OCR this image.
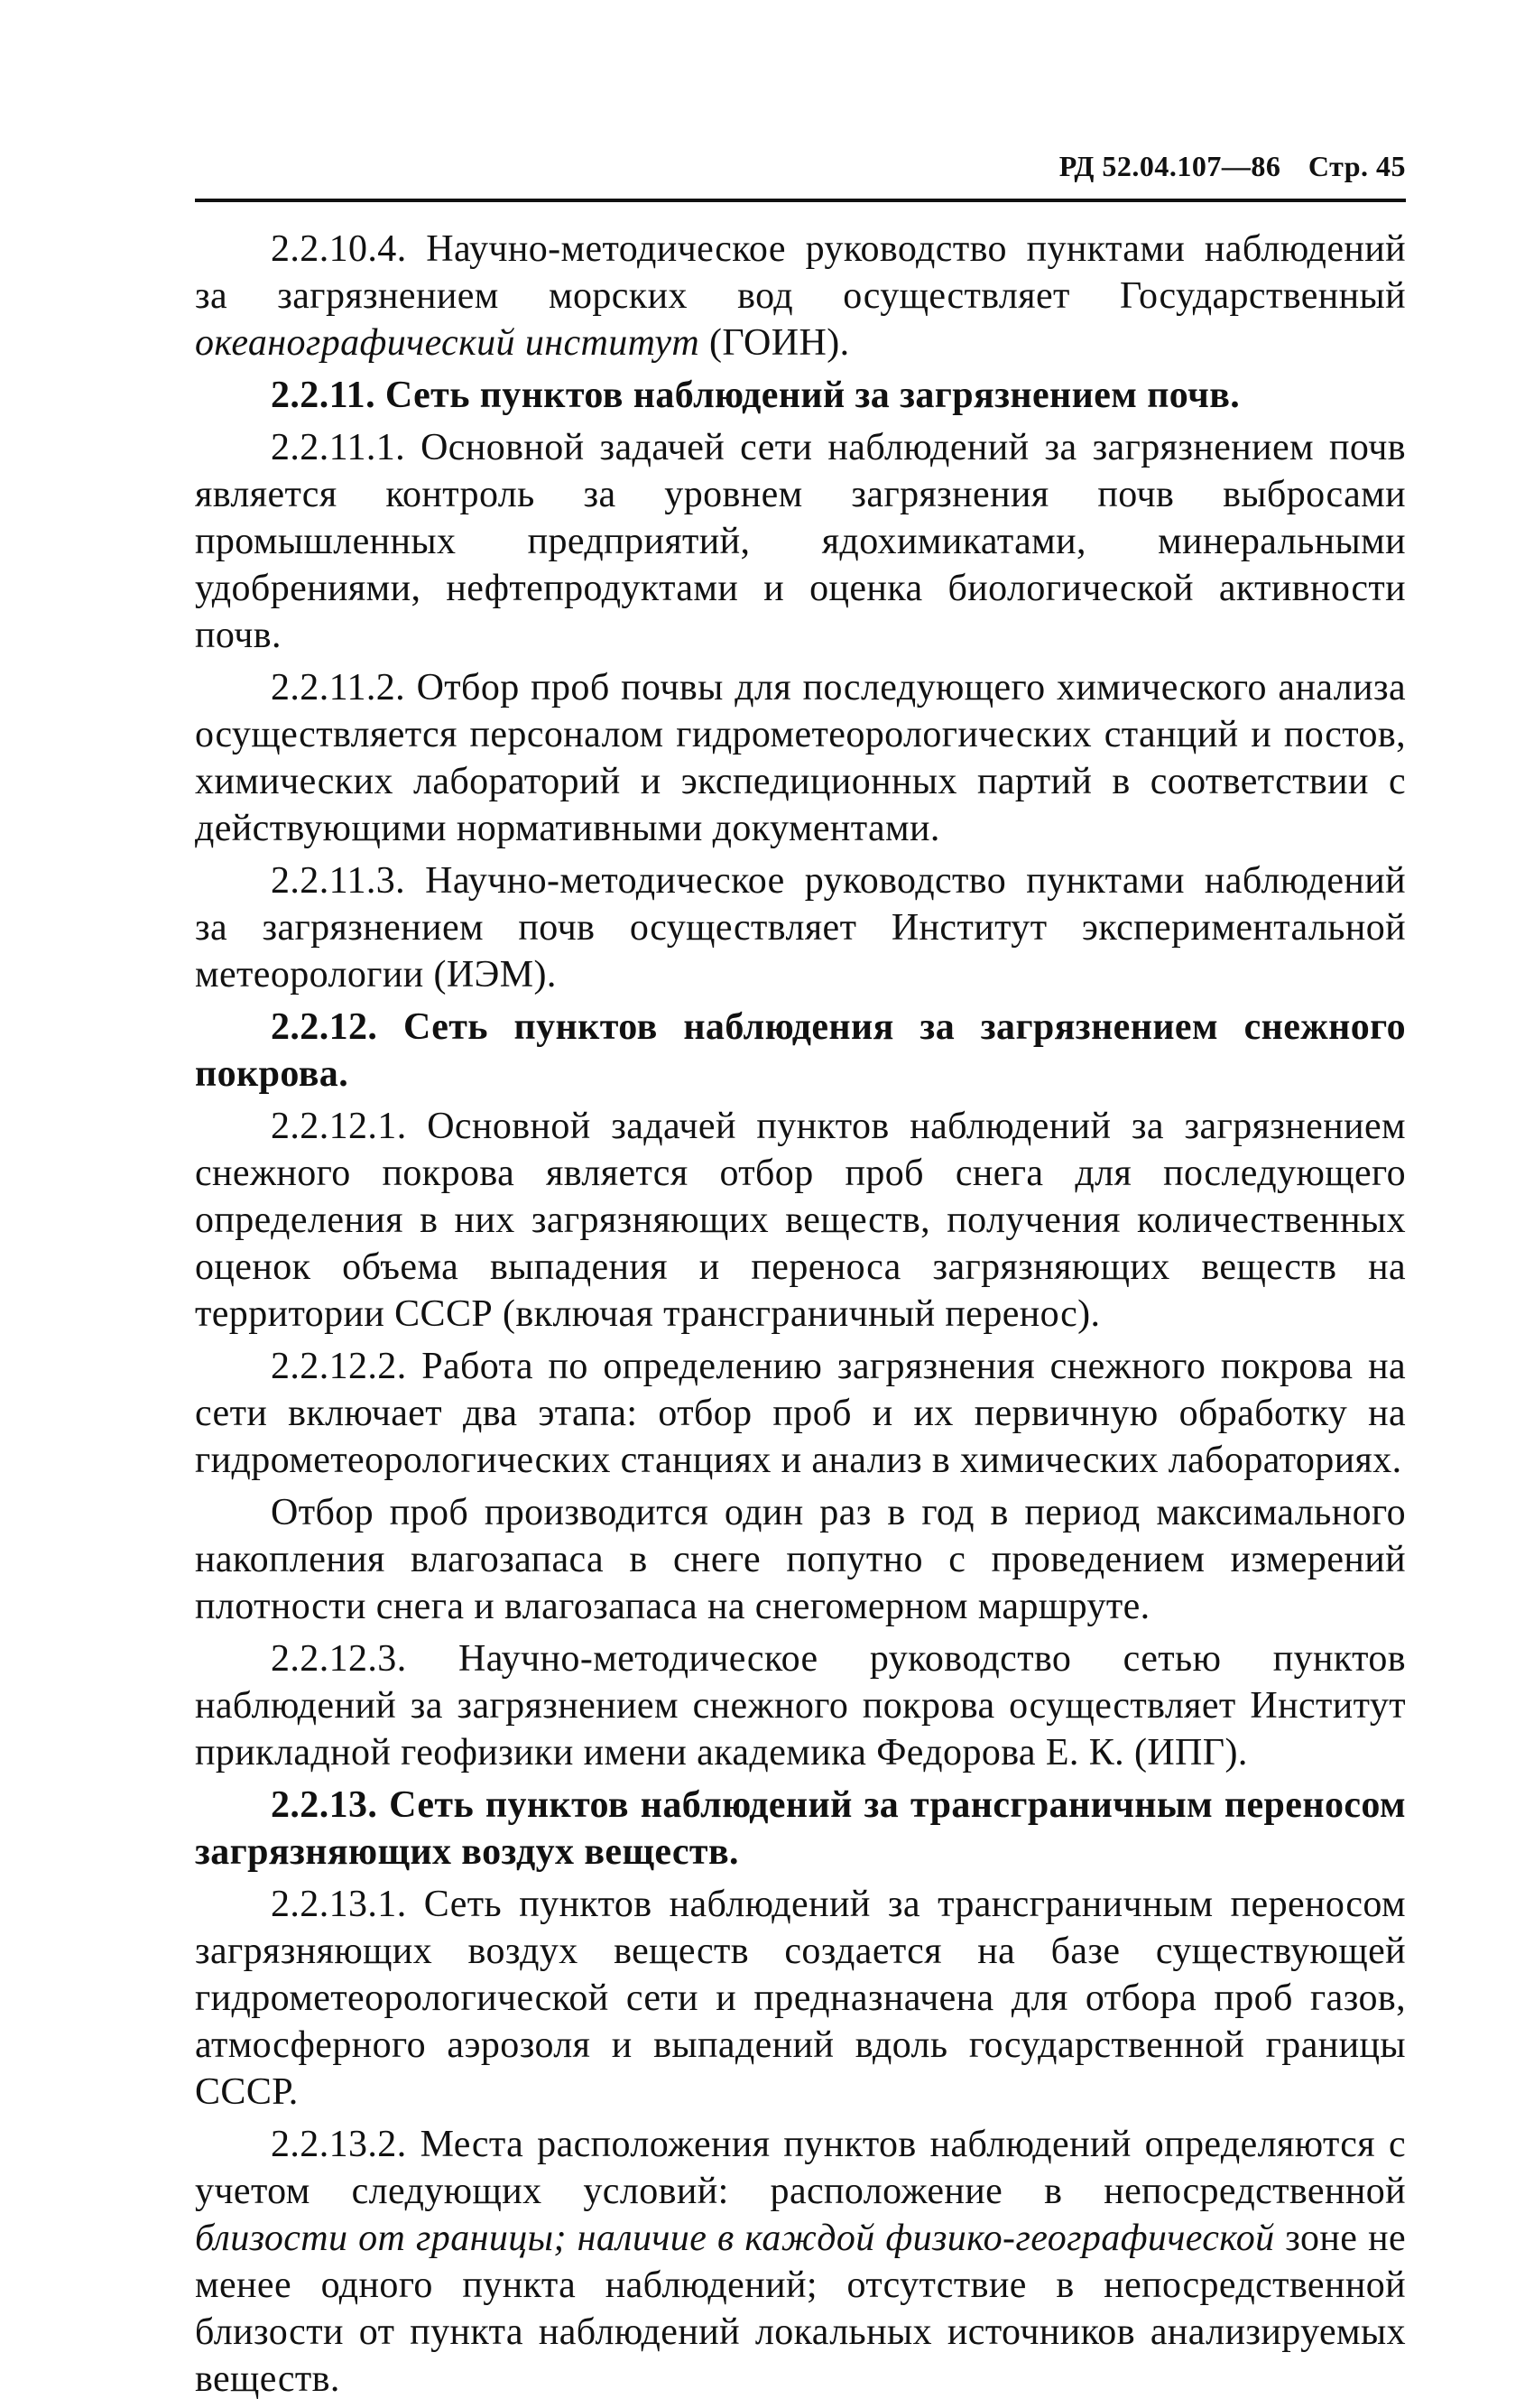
РД 52.04.107—86 Стр. 45

2.2.10.4. Научно-методическое руководство пунктами наблюдений за загрязнением морских вод осуществляет Государственный океанографический институт (ГОИН).

2.2.11. Сеть пунктов наблюдений за загрязнением почв.

2.2.11.1. Основной задачей сети наблюдений за загрязнением почв является контроль за уровнем загрязнения почв выбросами промышленных предприятий, ядохимикатами, минеральными удобрениями, нефтепродуктами и оценка биологической активности почв.

2.2.11.2. Отбор проб почвы для последующего химического анализа осуществляется персоналом гидрометеорологических станций и постов, химических лабораторий и экспедиционных партий в соответствии с действующими нормативными документами.

2.2.11.3. Научно-методическое руководство пунктами наблюдений за загрязнением почв осуществляет Институт экспериментальной метеорологии (ИЭМ).

2.2.12. Сеть пунктов наблюдения за загрязнением снежного покрова.

2.2.12.1. Основной задачей пунктов наблюдений за загрязнением снежного покрова является отбор проб снега для последующего определения в них загрязняющих веществ, получения количественных оценок объема выпадения и переноса загрязняющих веществ на территории СССР (включая трансграничный перенос).

2.2.12.2. Работа по определению загрязнения снежного покрова на сети включает два этапа: отбор проб и их первичную обработку на гидрометеорологических станциях и анализ в химических лабораториях.

Отбор проб производится один раз в год в период максимального накопления влагозапаса в снеге попутно с проведением измерений плотности снега и влагозапаса на снегомерном маршруте.

2.2.12.3. Научно-методическое руководство сетью пунктов наблюдений за загрязнением снежного покрова осуществляет Институт прикладной геофизики имени академика Федорова Е. К. (ИПГ).

2.2.13. Сеть пунктов наблюдений за трансграничным переносом загрязняющих воздух веществ.

2.2.13.1. Сеть пунктов наблюдений за трансграничным переносом загрязняющих воздух веществ создается на базе существующей гидрометеорологической сети и предназначена для отбора проб газов, атмосферного аэрозоля и выпадений вдоль государственной границы СССР.

2.2.13.2. Места расположения пунктов наблюдений определяются с учетом следующих условий: расположение в непосредственной близости от границы; наличие в каждой физико-географической зоне не менее одного пункта наблюдений; отсутствие в непосредственной близости от пункта наблюдений локальных источников анализируемых веществ.
